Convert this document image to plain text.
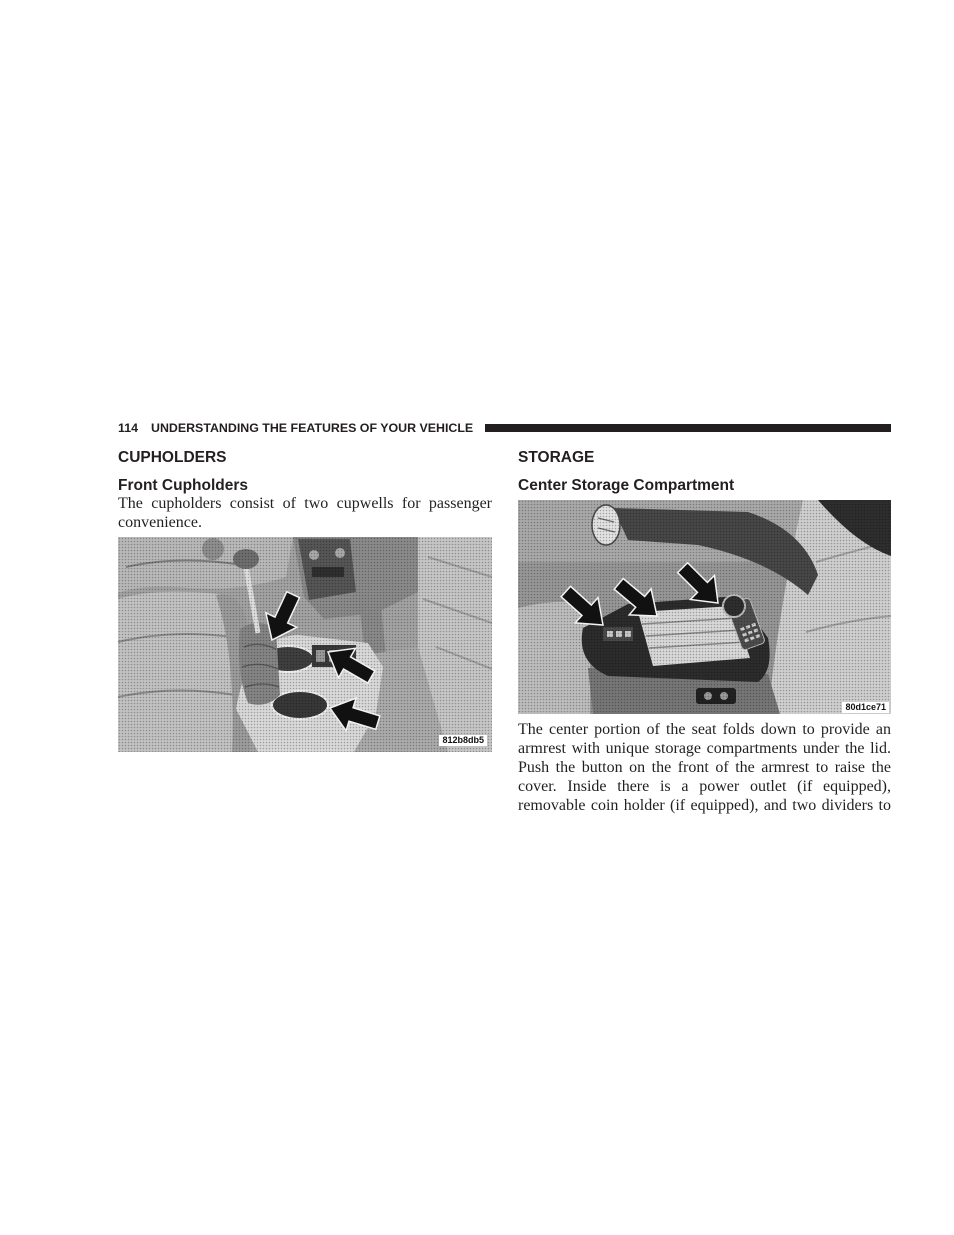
114 UNDERSTANDING THE FEATURES OF YOUR VEHICLE
CUPHOLDERS
Front Cupholders
The cupholders consist of two cupwells for passenger
convenience.
812b8db5
STORAGE
Center Storage Compartment
80d1ce71
The center portion of the seat folds down to provide an
armrest with unique storage compartments under the lid.
Push the button on the front of the armrest to raise the
cover. Inside there is a power outlet (if equipped),
removable coin holder (if equipped), and two dividers to
